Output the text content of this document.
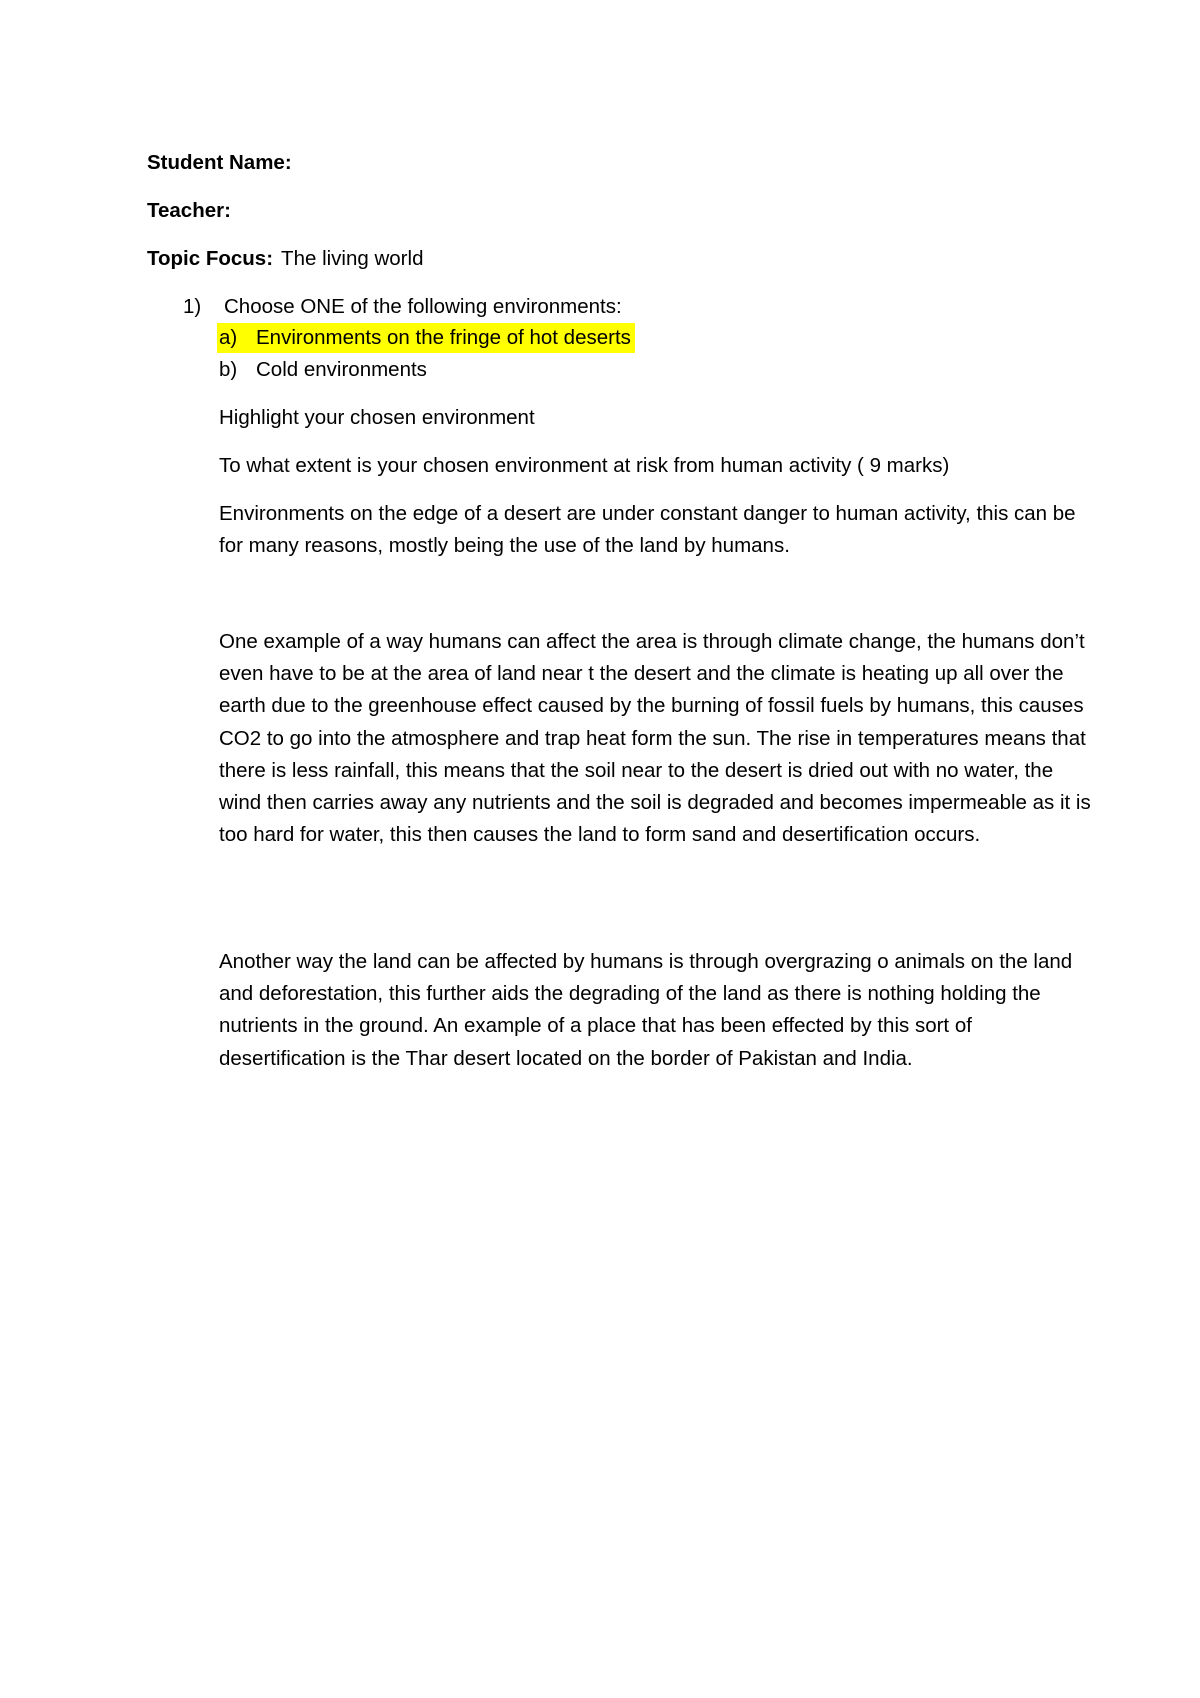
Student Name:
Teacher:
Topic Focus: The living world
1) Choose ONE of the following environments:
a) Environments on the fringe of hot deserts
b) Cold environments
Highlight your chosen environment
To what extent is your chosen environment at risk from human activity ( 9 marks)

Environments on the edge of a desert are under constant danger to human activity, this can be for many reasons, mostly being the use of the land by humans.

One example of a way humans can affect the area is through climate change, the humans don’t even have to be at the area of land near t the desert and the climate is heating up all over the earth due to the greenhouse effect caused by the burning of fossil fuels by humans, this causes CO2 to go into the atmosphere and trap heat form the sun. The rise in temperatures means that there is less rainfall, this means that the soil near to the desert is dried out with no water, the wind then carries away any nutrients and the soil is degraded and becomes impermeable as it is too hard for water, this then causes the land to form sand and desertification occurs.

Another way the land can be affected by humans is through overgrazing o animals on the land and deforestation, this further aids the degrading of the land as there is nothing holding the nutrients in the ground. An example of a place that has been effected by this sort of desertification is the Thar desert located on the border of Pakistan and India.
